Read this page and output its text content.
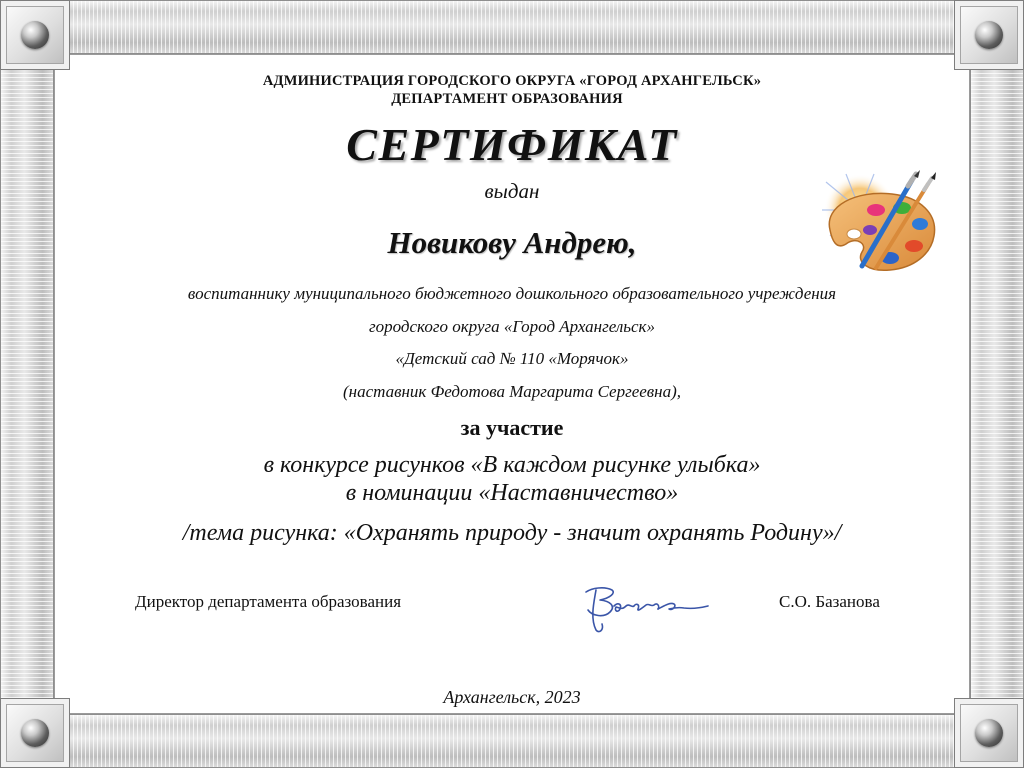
АДМИНИСТРАЦИЯ ГОРОДСКОГО ОКРУГА «ГОРОД АРХАНГЕЛЬСК»

ДЕПАРТАМЕНТ ОБРАЗОВАНИЯ

СЕРТИФИКАТ

выдан

Новикову Андрею,

воспитаннику муниципального бюджетного дошкольного образовательного учреждения

городского округа «Город Архангельск»

«Детский сад № 110 «Морячок»

(наставник Федотова Маргарита Сергеевна),

за участие

в конкурсе рисунков «В каждом рисунке улыбка»

в номинации «Наставничество»

/тема рисунка: «Охранять природу - значит охранять Родину»/

Директор департамента образования	С.О. Базанова

Архангельск, 2023
